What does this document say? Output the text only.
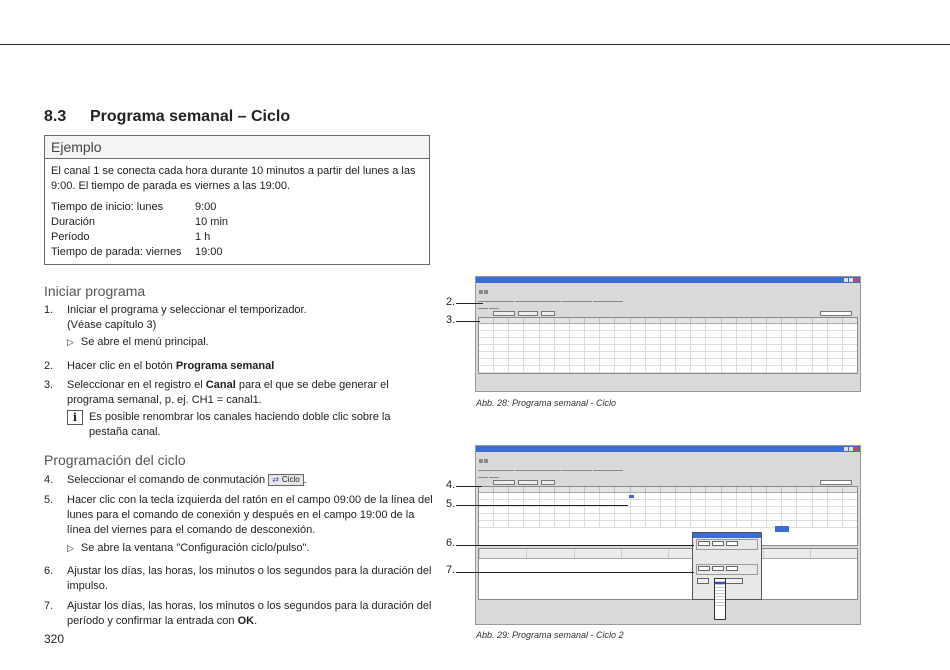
8.3 Programa semanal – Ciclo
Ejemplo
El canal 1 se conecta cada hora durante 10 minutos a partir del lunes a las 9:00. El tiempo de parada es viernes a las 19:00.
Tiempo de inicio: lunes	9:00
Duración	10 min
Período	1 h
Tiempo de parada: viernes	19:00
Iniciar programa
1.	Iniciar el programa y seleccionar el temporizador.
(Véase capítulo 3)
▷ Se abre el menú principal.
2.	Hacer clic en el botón Programa semanal
3.	Seleccionar en el registro el Canal para el que se debe generar el programa semanal, p. ej. CH1 = canal1.
i	Es posible renombrar los canales haciendo doble clic sobre la pestaña canal.
Programación del ciclo
4.	Seleccionar el comando de conmutación ⇄ Ciclo .
5.	Hacer clic con la tecla izquierda del ratón en el campo 09:00 de la línea del lunes para el comando de conexión y después en el campo 19:00 de la línea del viernes para el comando de desconexión.
▷ Se abre la ventana "Configuración ciclo/pulso".
6.	Ajustar los días, las horas, los minutos o los segundos para la duración del impulso.
7.	Ajustar los días, las horas, los minutos o los segundos para la duración del período y confirmar la entrada con OK.
320
Abb. 28: Programa semanal - Ciclo
Abb. 29: Programa semanal - Ciclo 2
2.
3.
4.
5.
6.
7.
